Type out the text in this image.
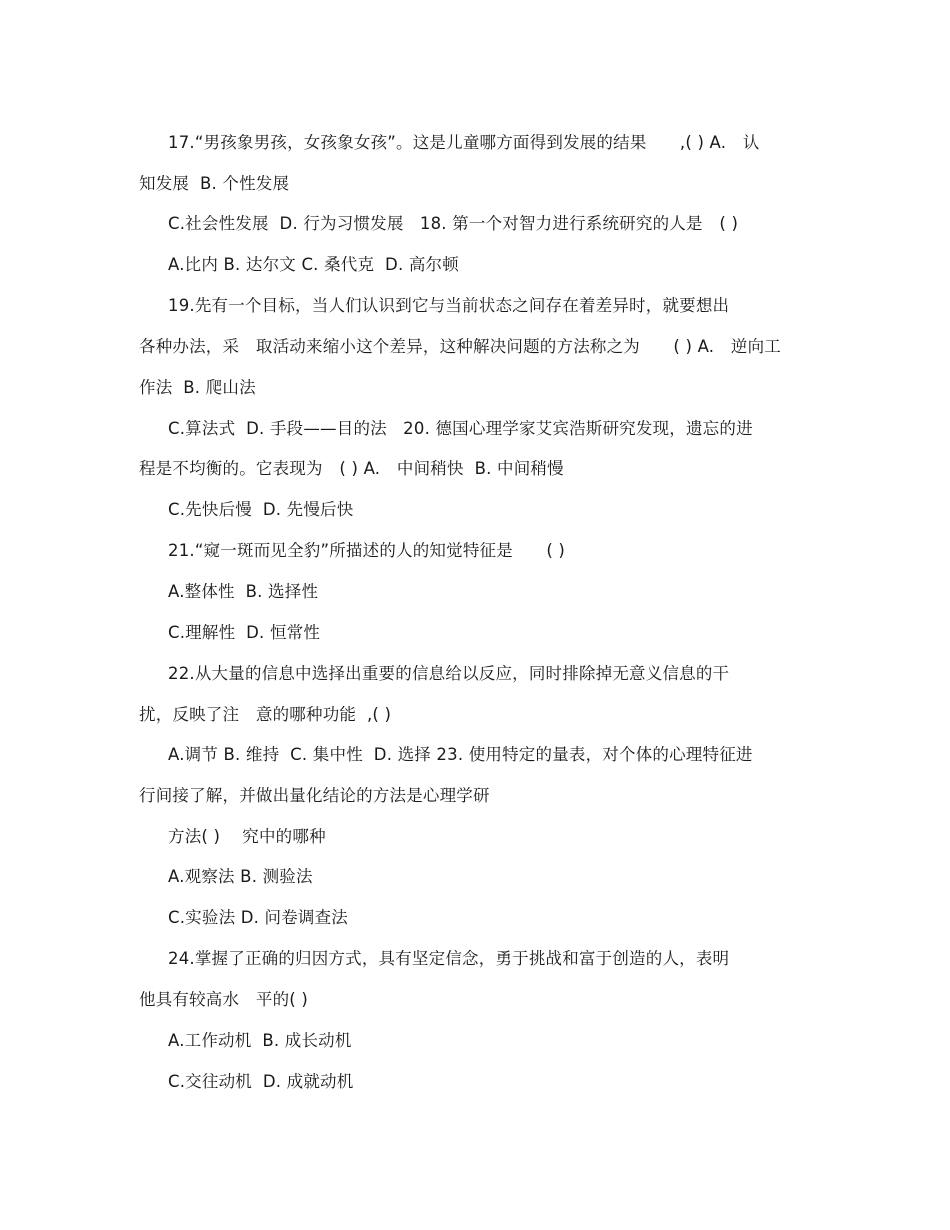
17.“男孩象男孩，女孩象女孩”。这是儿童哪方面得到发展的结果　　,( ) A.　认
知发展  B. 个性发展
C.社会性发展  D. 行为习惯发展   18. 第一个对智力进行系统研究的人是　( )
A.比内 B. 达尔文 C. 桑代克  D. 高尔顿
19.先有一个目标，当人们认识到它与当前状态之间存在着差异时，就要想出
各种办法，采　取活动来缩小这个差异，这种解决问题的方法称之为　　( ) A.　逆向工
作法  B. 爬山法
C.算法式  D. 手段——目的法   20. 德国心理学家艾宾浩斯研究发现，遗忘的进
程是不均衡的。它表现为　( ) A.　中间稍快  B. 中间稍慢
C.先快后慢  D. 先慢后快
21.“窥一斑而见全豹”所描述的人的知觉特征是　　( )
A.整体性  B. 选择性
C.理解性  D. 恒常性
22.从大量的信息中选择出重要的信息给以反应，同时排除掉无意义信息的干
扰，反映了注　意的哪种功能  ,( )
A.调节 B. 维持  C. 集中性  D. 选择 23. 使用特定的量表，对个体的心理特征进
行间接了解，并做出量化结论的方法是心理学研
方法( )　 究中的哪种
A.观察法 B. 测验法
C.实验法 D. 问卷调查法
24.掌握了正确的归因方式，具有坚定信念，勇于挑战和富于创造的人，表明
他具有较高水　平的( )
A.工作动机  B. 成长动机
C.交往动机  D. 成就动机
